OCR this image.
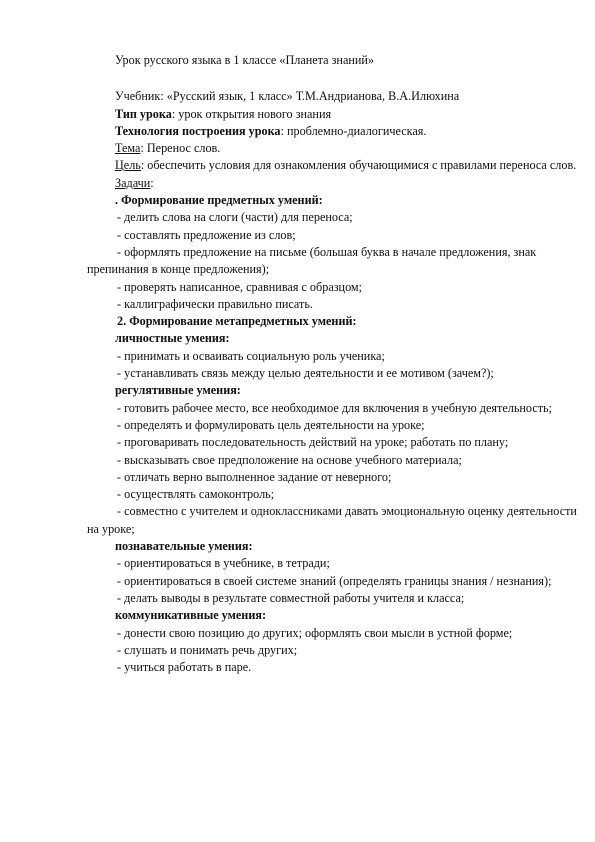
Урок русского языка в 1 классе «Планета знаний»

Учебник: «Русский язык, 1 класс» Т.М.Андрианова, В.А.Илюхина

Тип урока: урок открытия нового знания

Технология построения урока: проблемно-диалогическая.

Тема: Перенос слов.

Цель: обеспечить условия для ознакомления обучающимися с правилами переноса слов.

Задачи:

. Формирование предметных умений:

- делить слова на слоги (части) для переноса;

- составлять предложение из слов;

- оформлять предложение на письме (большая буква в начале предложения, знак препинания в конце предложения);

- проверять написанное, сравнивая с образцом;

- каллиграфически правильно писать.

2. Формирование метапредметных умений:

личностные умения:

- принимать и осваивать социальную роль ученика;

- устанавливать связь между целью деятельности и ее мотивом (зачем?);

регулятивные умения:

- готовить рабочее место, все необходимое для включения в учебную деятельность;

- определять и формулировать цель деятельности на уроке;

- проговаривать последовательность действий на уроке; работать по плану;

- высказывать свое предположение на основе учебного материала;

- отличать верно выполненное задание от неверного;

- осуществлять самоконтроль;

- совместно с учителем и одноклассниками давать эмоциональную оценку деятельности на уроке;

познавательные умения:

- ориентироваться в учебнике, в тетради;

- ориентироваться в своей системе знаний (определять границы знания / незнания);

- делать выводы в результате совместной работы учителя и класса;

коммуникативные умения:

- донести свою позицию до других; оформлять свои мысли в устной форме;

- слушать и понимать речь других;

- учиться работать в паре.
